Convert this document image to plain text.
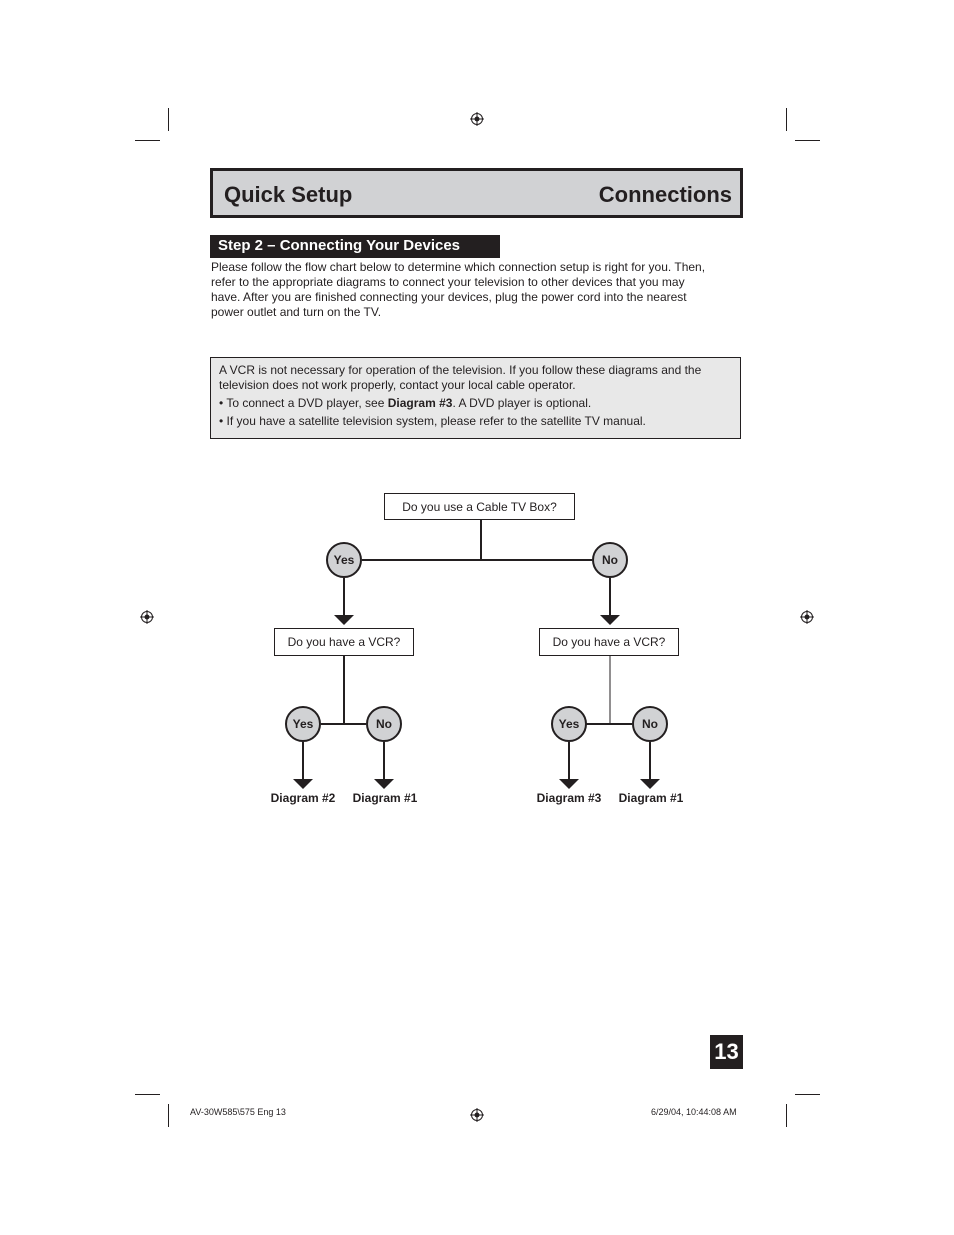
Quick Setup	Connections
Step 2 – Connecting Your Devices
Please follow the flow chart below to determine which connection setup is right for you. Then,
refer to the appropriate diagrams to connect your television to other devices that you may
have. After you are finished connecting your devices, plug the power cord into the nearest
power outlet and turn on the TV.

A VCR is not necessary for operation of the television. If you follow these diagrams and the
television does not work properly, contact your local cable operator.

• To connect a DVD player, see Diagram #3. A DVD player is optional.
• If you have a satellite television system, please refer to the satellite TV manual.
Do you use a Cable TV Box?
Do you have a VCR?	Do you have a VCR?
Yes	No
Yes	No	Yes	No
Diagram #2	Diagram #1	Diagram #3	Diagram #1
13
AV-30W585\575 Eng 13	6/29/04, 10:44:08 AM
